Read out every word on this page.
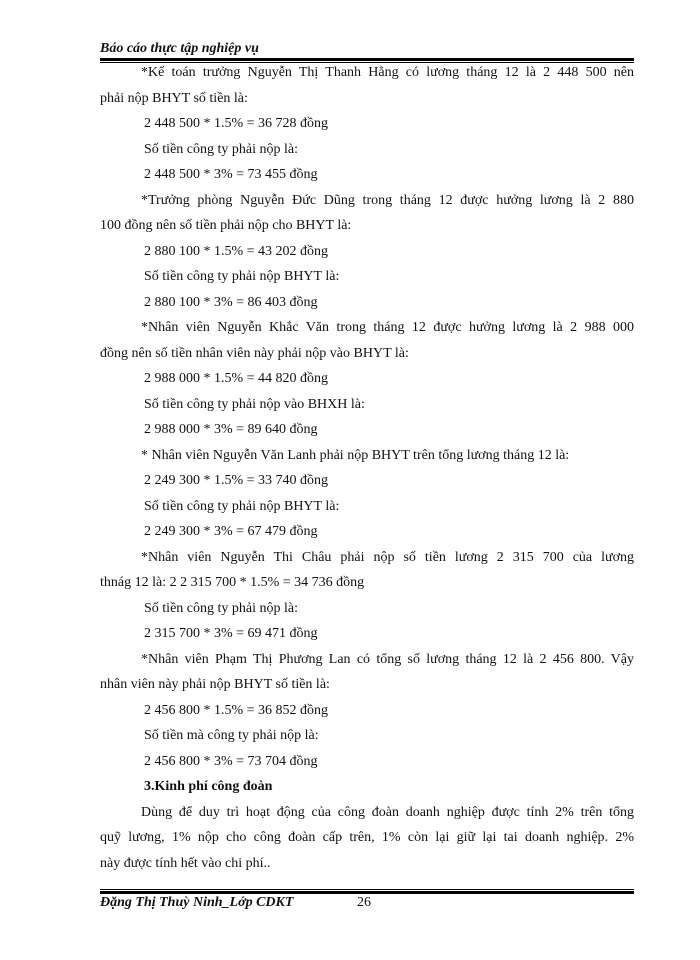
Báo cáo thực tập nghiệp vụ
*Kế toán trưởng Nguyễn Thị Thanh Hằng có lương tháng 12 là 2 448 500 nên
phải nộp BHYT số tiền là:
2 448 500 * 1.5% = 36 728 đồng
Số tiền công ty phải nộp là:
2 448 500 * 3% = 73 455 đồng
*Trưởng phòng Nguyễn Đức Dũng trong tháng 12 được hưởng lương là 2 880
100 đồng nên số tiền phải nộp cho BHYT là:
2 880 100 * 1.5% = 43 202 đồng
Số tiền công ty phải nộp BHYT là:
2 880 100 * 3% = 86 403 đồng
*Nhân viên Nguyễn Khắc Văn trong tháng 12 được hưởng lương là 2 988 000
đồng nên số tiền nhân viên này phải nộp vào BHYT là:
2 988 000 * 1.5% = 44 820 đồng
Số tiền công ty phải nộp vào BHXH là:
2 988 000 * 3% = 89 640 đồng
* Nhân viên Nguyễn Văn Lanh phải nộp BHYT trên tổng lương tháng 12 là:
2 249 300 * 1.5% = 33 740 đồng
Số tiền công ty phải nộp BHYT là:
2 249 300 * 3% = 67 479 đồng
*Nhân viên Nguyễn Thi Châu phải nộp số tiền lương 2 315 700 của lương
thnág 12 là: 2 2 315 700 * 1.5% = 34 736 đồng
Số tiền công ty phải nộp là:
2 315 700 * 3% = 69 471 đồng
*Nhân viên Phạm Thị Phương Lan có tổng số lương tháng 12 là 2 456 800. Vậy
nhân viên này phải nộp BHYT số tiền là:
2 456 800 * 1.5% = 36 852 đồng
Số tiền mà công ty phải nộp là:
2 456 800 * 3% = 73 704 đồng
3.Kinh phí công đoàn
Dùng để duy trì hoạt động của công đoàn doanh nghiệp được tính 2% trên tổng
quỹ lương, 1% nộp cho công đoàn cấp trên, 1% còn lại giữ lại tai doanh nghiệp. 2%
này được tính hết vào chi phí..
Đặng Thị Thuỳ Ninh_Lớp CDKT	26
